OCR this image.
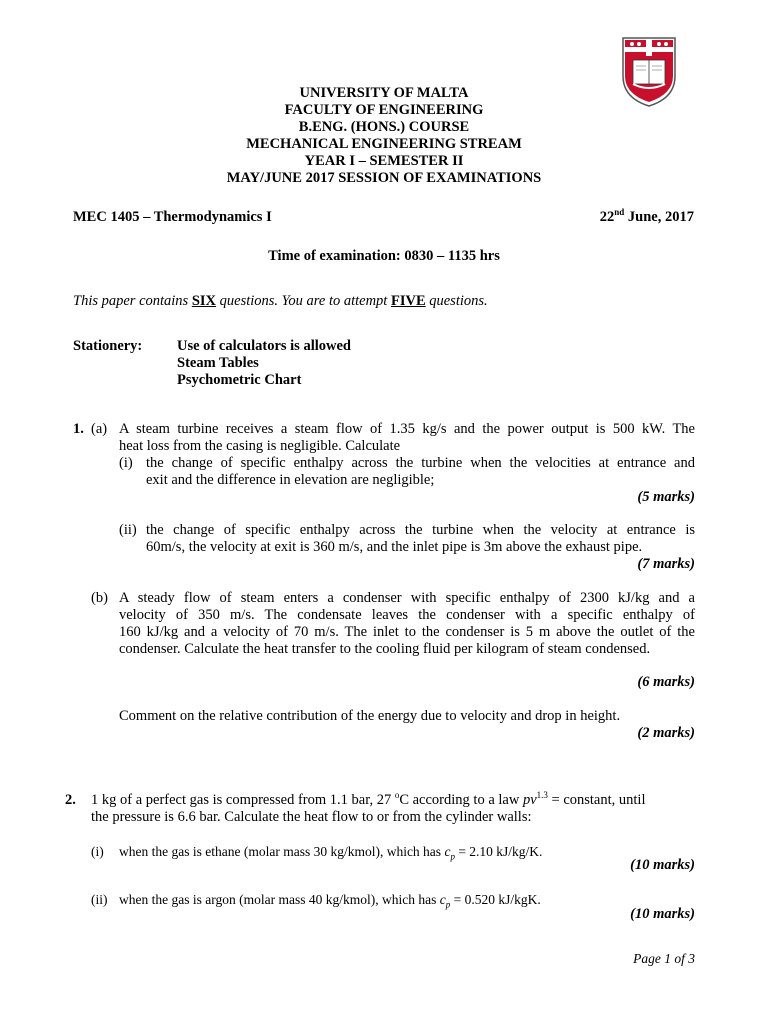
UNIVERSITY OF MALTA
FACULTY OF ENGINEERING
B.ENG. (HONS.) COURSE
MECHANICAL ENGINEERING STREAM
YEAR I – SEMESTER II
MAY/JUNE 2017 SESSION OF EXAMINATIONS
MEC 1405 – Thermodynamics I	22nd June, 2017
Time of examination: 0830 – 1135 hrs
This paper contains SIX questions. You are to attempt FIVE questions.
Stationery: Use of calculators is allowed
Steam Tables
Psychometric Chart
1. (a) A steam turbine receives a steam flow of 1.35 kg/s and the power output is 500 kW. The
heat loss from the casing is negligible. Calculate
(i) the change of specific enthalpy across the turbine when the velocities at entrance and
exit and the difference in elevation are negligible;
(5 marks)
(ii) the change of specific enthalpy across the turbine when the velocity at entrance is
60m/s, the velocity at exit is 360 m/s, and the inlet pipe is 3m above the exhaust pipe.
(7 marks)
(b) A steady flow of steam enters a condenser with specific enthalpy of 2300 kJ/kg and a
velocity of 350 m/s. The condensate leaves the condenser with a specific enthalpy of
160 kJ/kg and a velocity of 70 m/s. The inlet to the condenser is 5 m above the outlet of the
condenser. Calculate the heat transfer to the cooling fluid per kilogram of steam condensed.
(6 marks)
Comment on the relative contribution of the energy due to velocity and drop in height.
(2 marks)
2. 1 kg of a perfect gas is compressed from 1.1 bar, 27 $^o$C according to a law $pv^{1.3}$ = constant, until
the pressure is 6.6 bar. Calculate the heat flow to or from the cylinder walls:
(i) when the gas is ethane (molar mass 30 kg/kmol), which has $c_p = 2.10$ kJ/kg/K.
(10 marks)
(ii) when the gas is argon (molar mass 40 kg/kmol), which has $c_p = 0.520$ kJ/kgK.
(10 marks)
Page 1 of 3
